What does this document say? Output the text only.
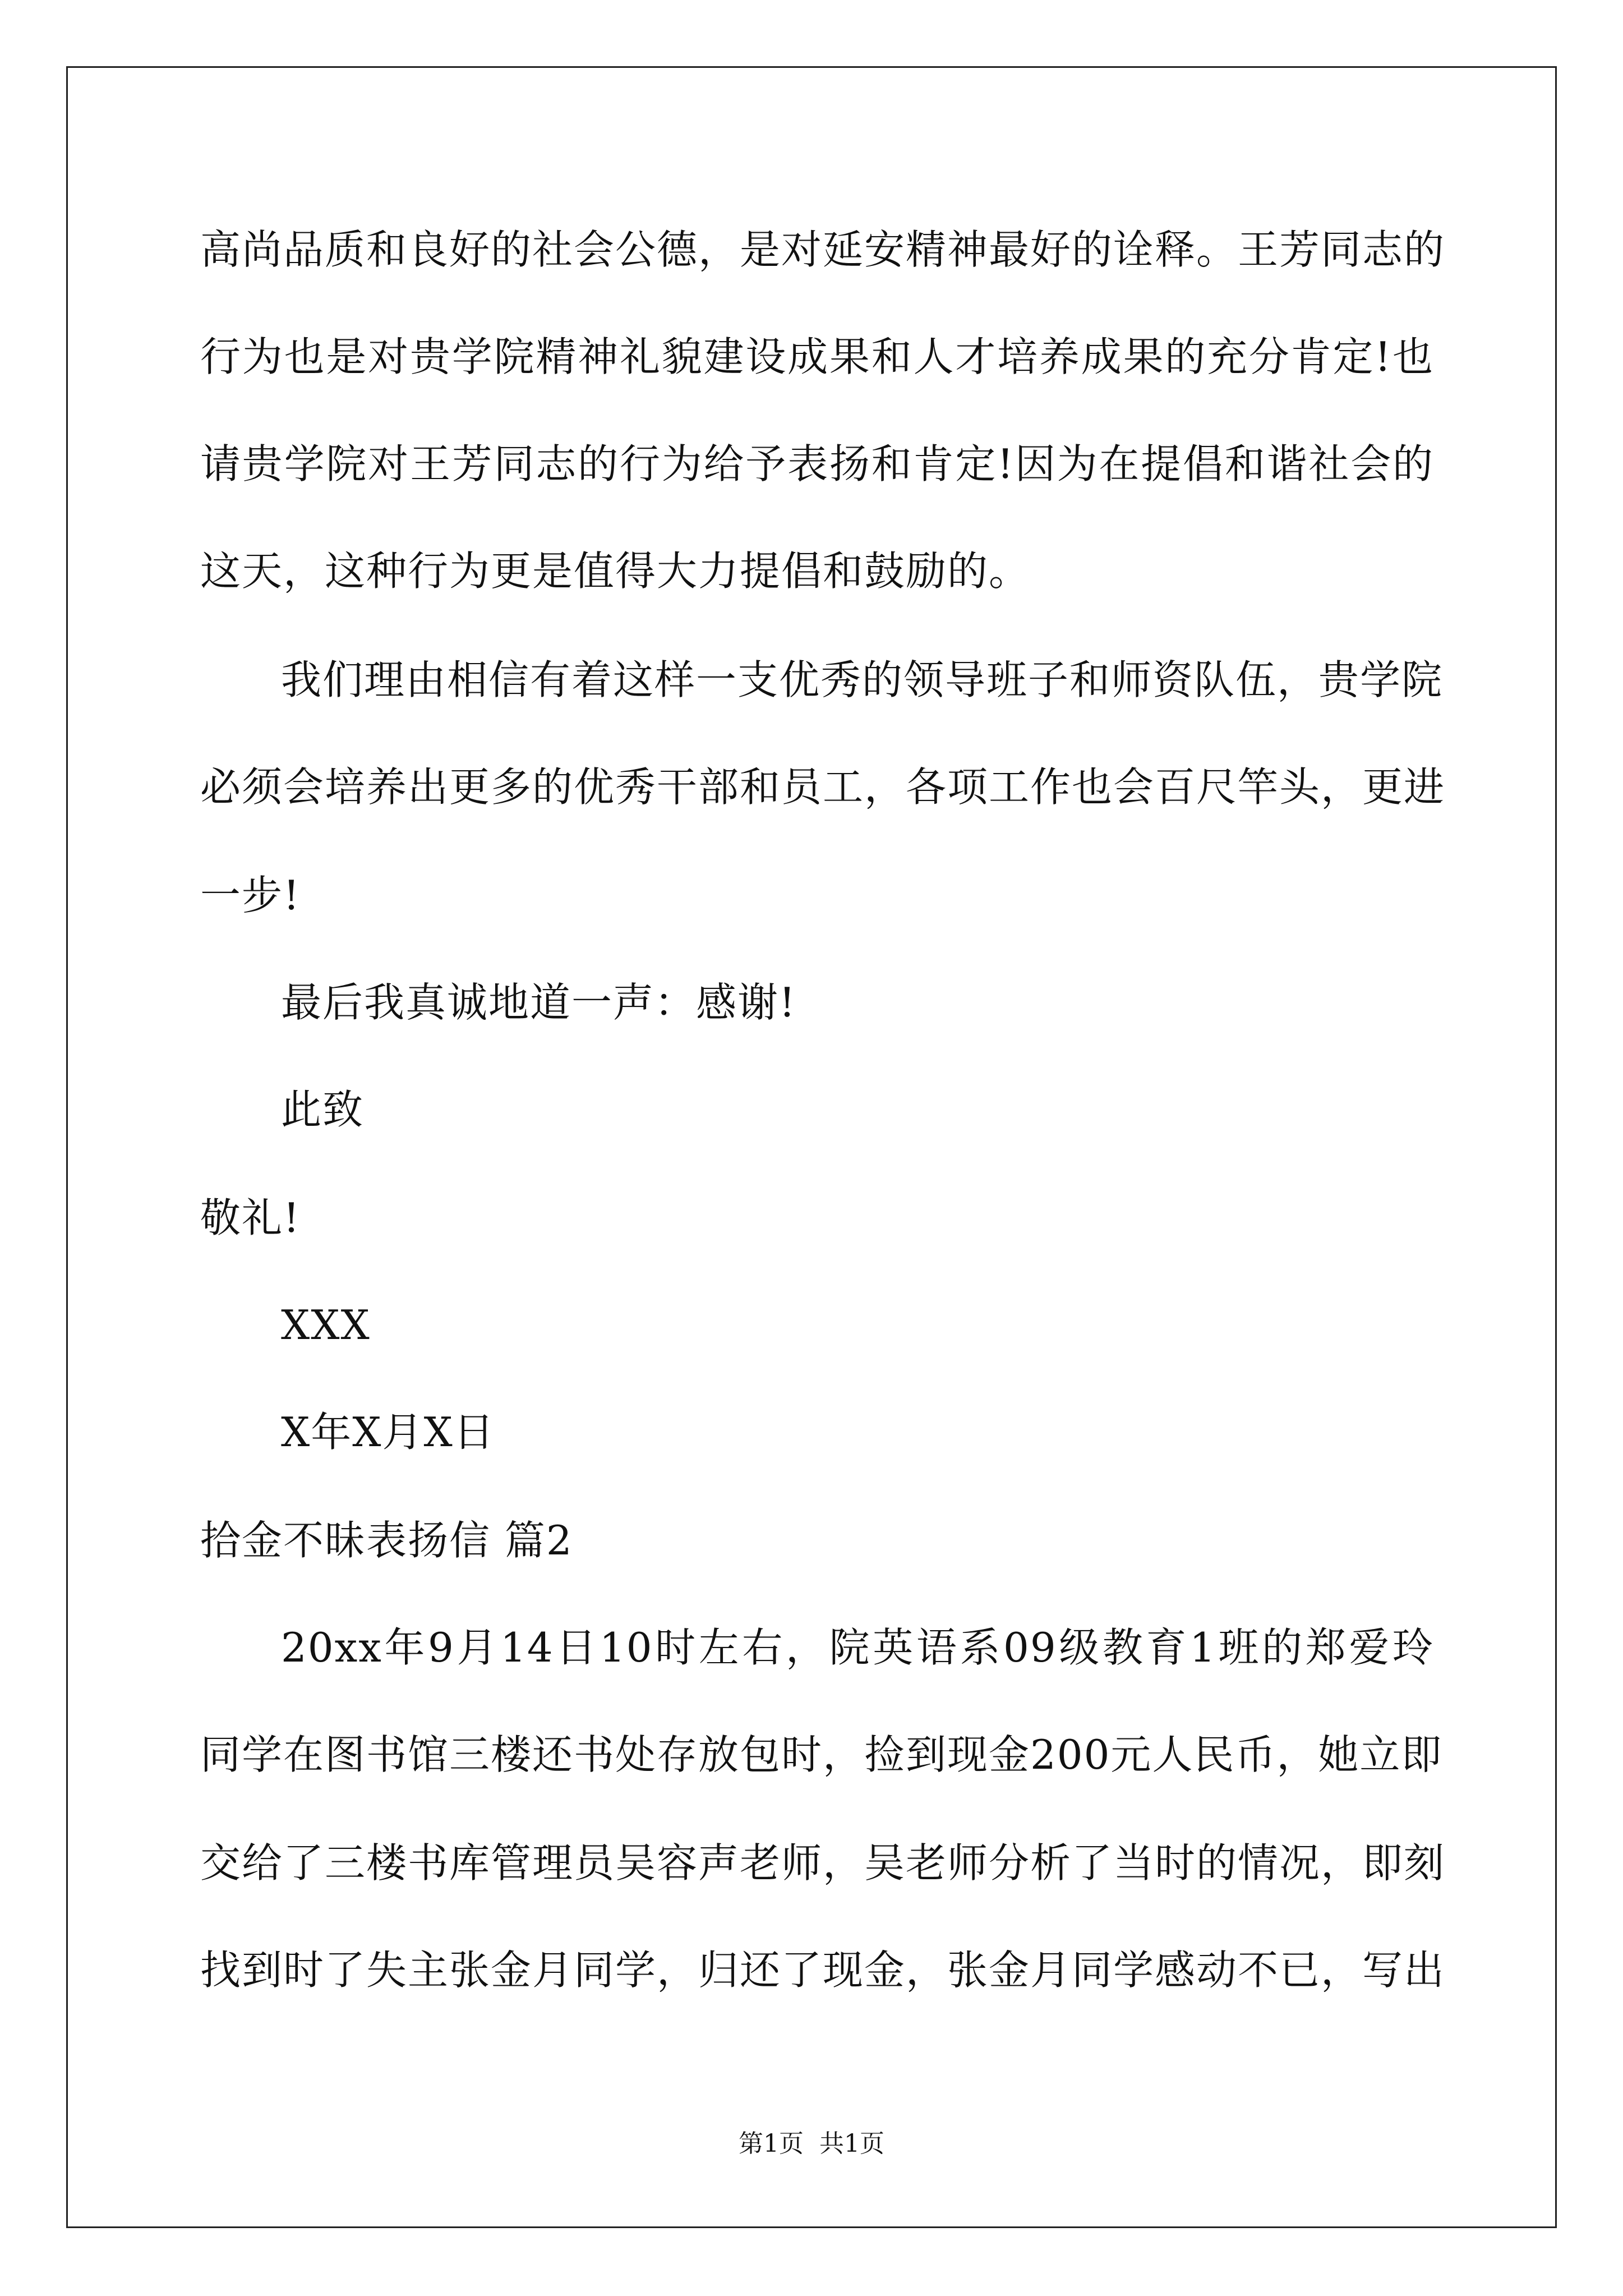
高尚品质和良好的社会公德，是对延安精神最好的诠释。王芳同志的
行为也是对贵学院精神礼貌建设成果和人才培养成果的充分肯定!也
请贵学院对王芳同志的行为给予表扬和肯定!因为在提倡和谐社会的
这天，这种行为更是值得大力提倡和鼓励的。
我们理由相信有着这样一支优秀的领导班子和师资队伍，贵学院
必须会培养出更多的优秀干部和员工，各项工作也会百尺竿头，更进
一步!
最后我真诚地道一声：感谢!
此致
敬礼!
XXX
X年X月X日
拾金不昧表扬信 篇2
20xx年9月14日10时左右，院英语系09级教育1班的郑爱玲
同学在图书馆三楼还书处存放包时，捡到现金200元人民币，她立即
交给了三楼书库管理员吴容声老师，吴老师分析了当时的情况，即刻
找到时了失主张金月同学，归还了现金，张金月同学感动不已，写出
第1页  共1页
